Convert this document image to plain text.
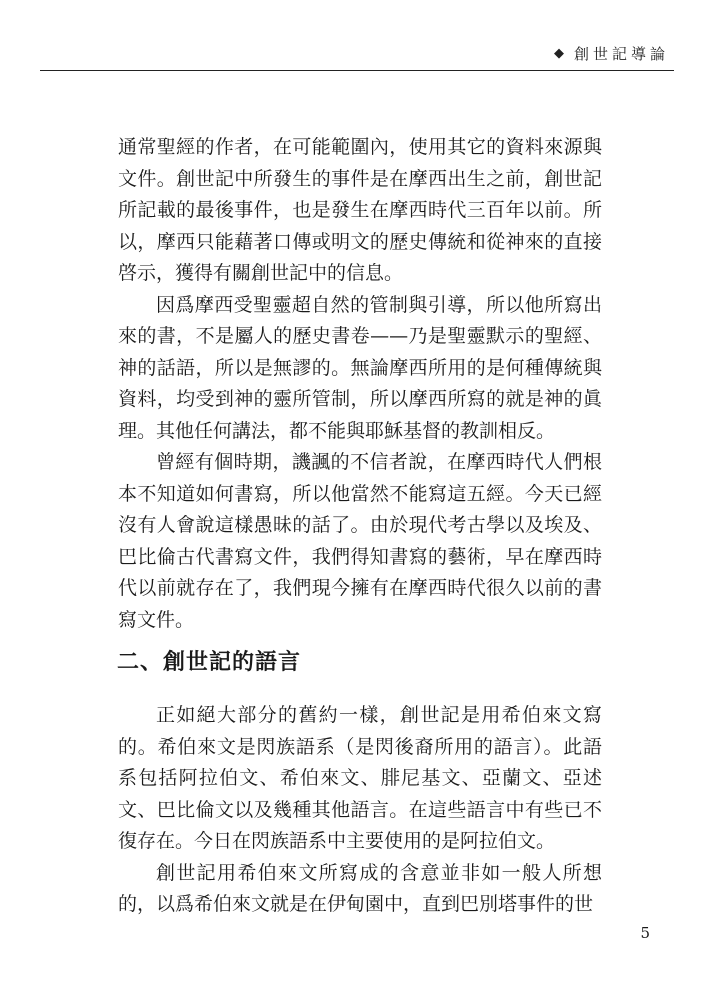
◆ 創世記導論

通常聖經的作者，在可能範圍內，使用其它的資料來源與文件。創世記中所發生的事件是在摩西出生之前，創世記所記載的最後事件，也是發生在摩西時代三百年以前。所以，摩西只能藉著口傳或明文的歷史傳統和從神來的直接啓示，獲得有關創世記中的信息。

因爲摩西受聖靈超自然的管制與引導，所以他所寫出來的書，不是屬人的歷史書卷——乃是聖靈默示的聖經、神的話語，所以是無謬的。無論摩西所用的是何種傳統與資料，均受到神的靈所管制，所以摩西所寫的就是神的眞理。其他任何講法，都不能與耶穌基督的教訓相反。

曾經有個時期，譏諷的不信者說，在摩西時代人們根本不知道如何書寫，所以他當然不能寫這五經。今天已經沒有人會說這樣愚昧的話了。由於現代考古學以及埃及、巴比倫古代書寫文件，我們得知書寫的藝術，早在摩西時代以前就存在了，我們現今擁有在摩西時代很久以前的書寫文件。

二、創世記的語言

正如絕大部分的舊約一樣，創世記是用希伯來文寫的。希伯來文是閃族語系（是閃後裔所用的語言）。此語系包括阿拉伯文、希伯來文、腓尼基文、亞蘭文、亞述文、巴比倫文以及幾種其他語言。在這些語言中有些已不復存在。今日在閃族語系中主要使用的是阿拉伯文。

創世記用希伯來文所寫成的含意並非如一般人所想的，以爲希伯來文就是在伊甸園中，直到巴別塔事件的世

5
